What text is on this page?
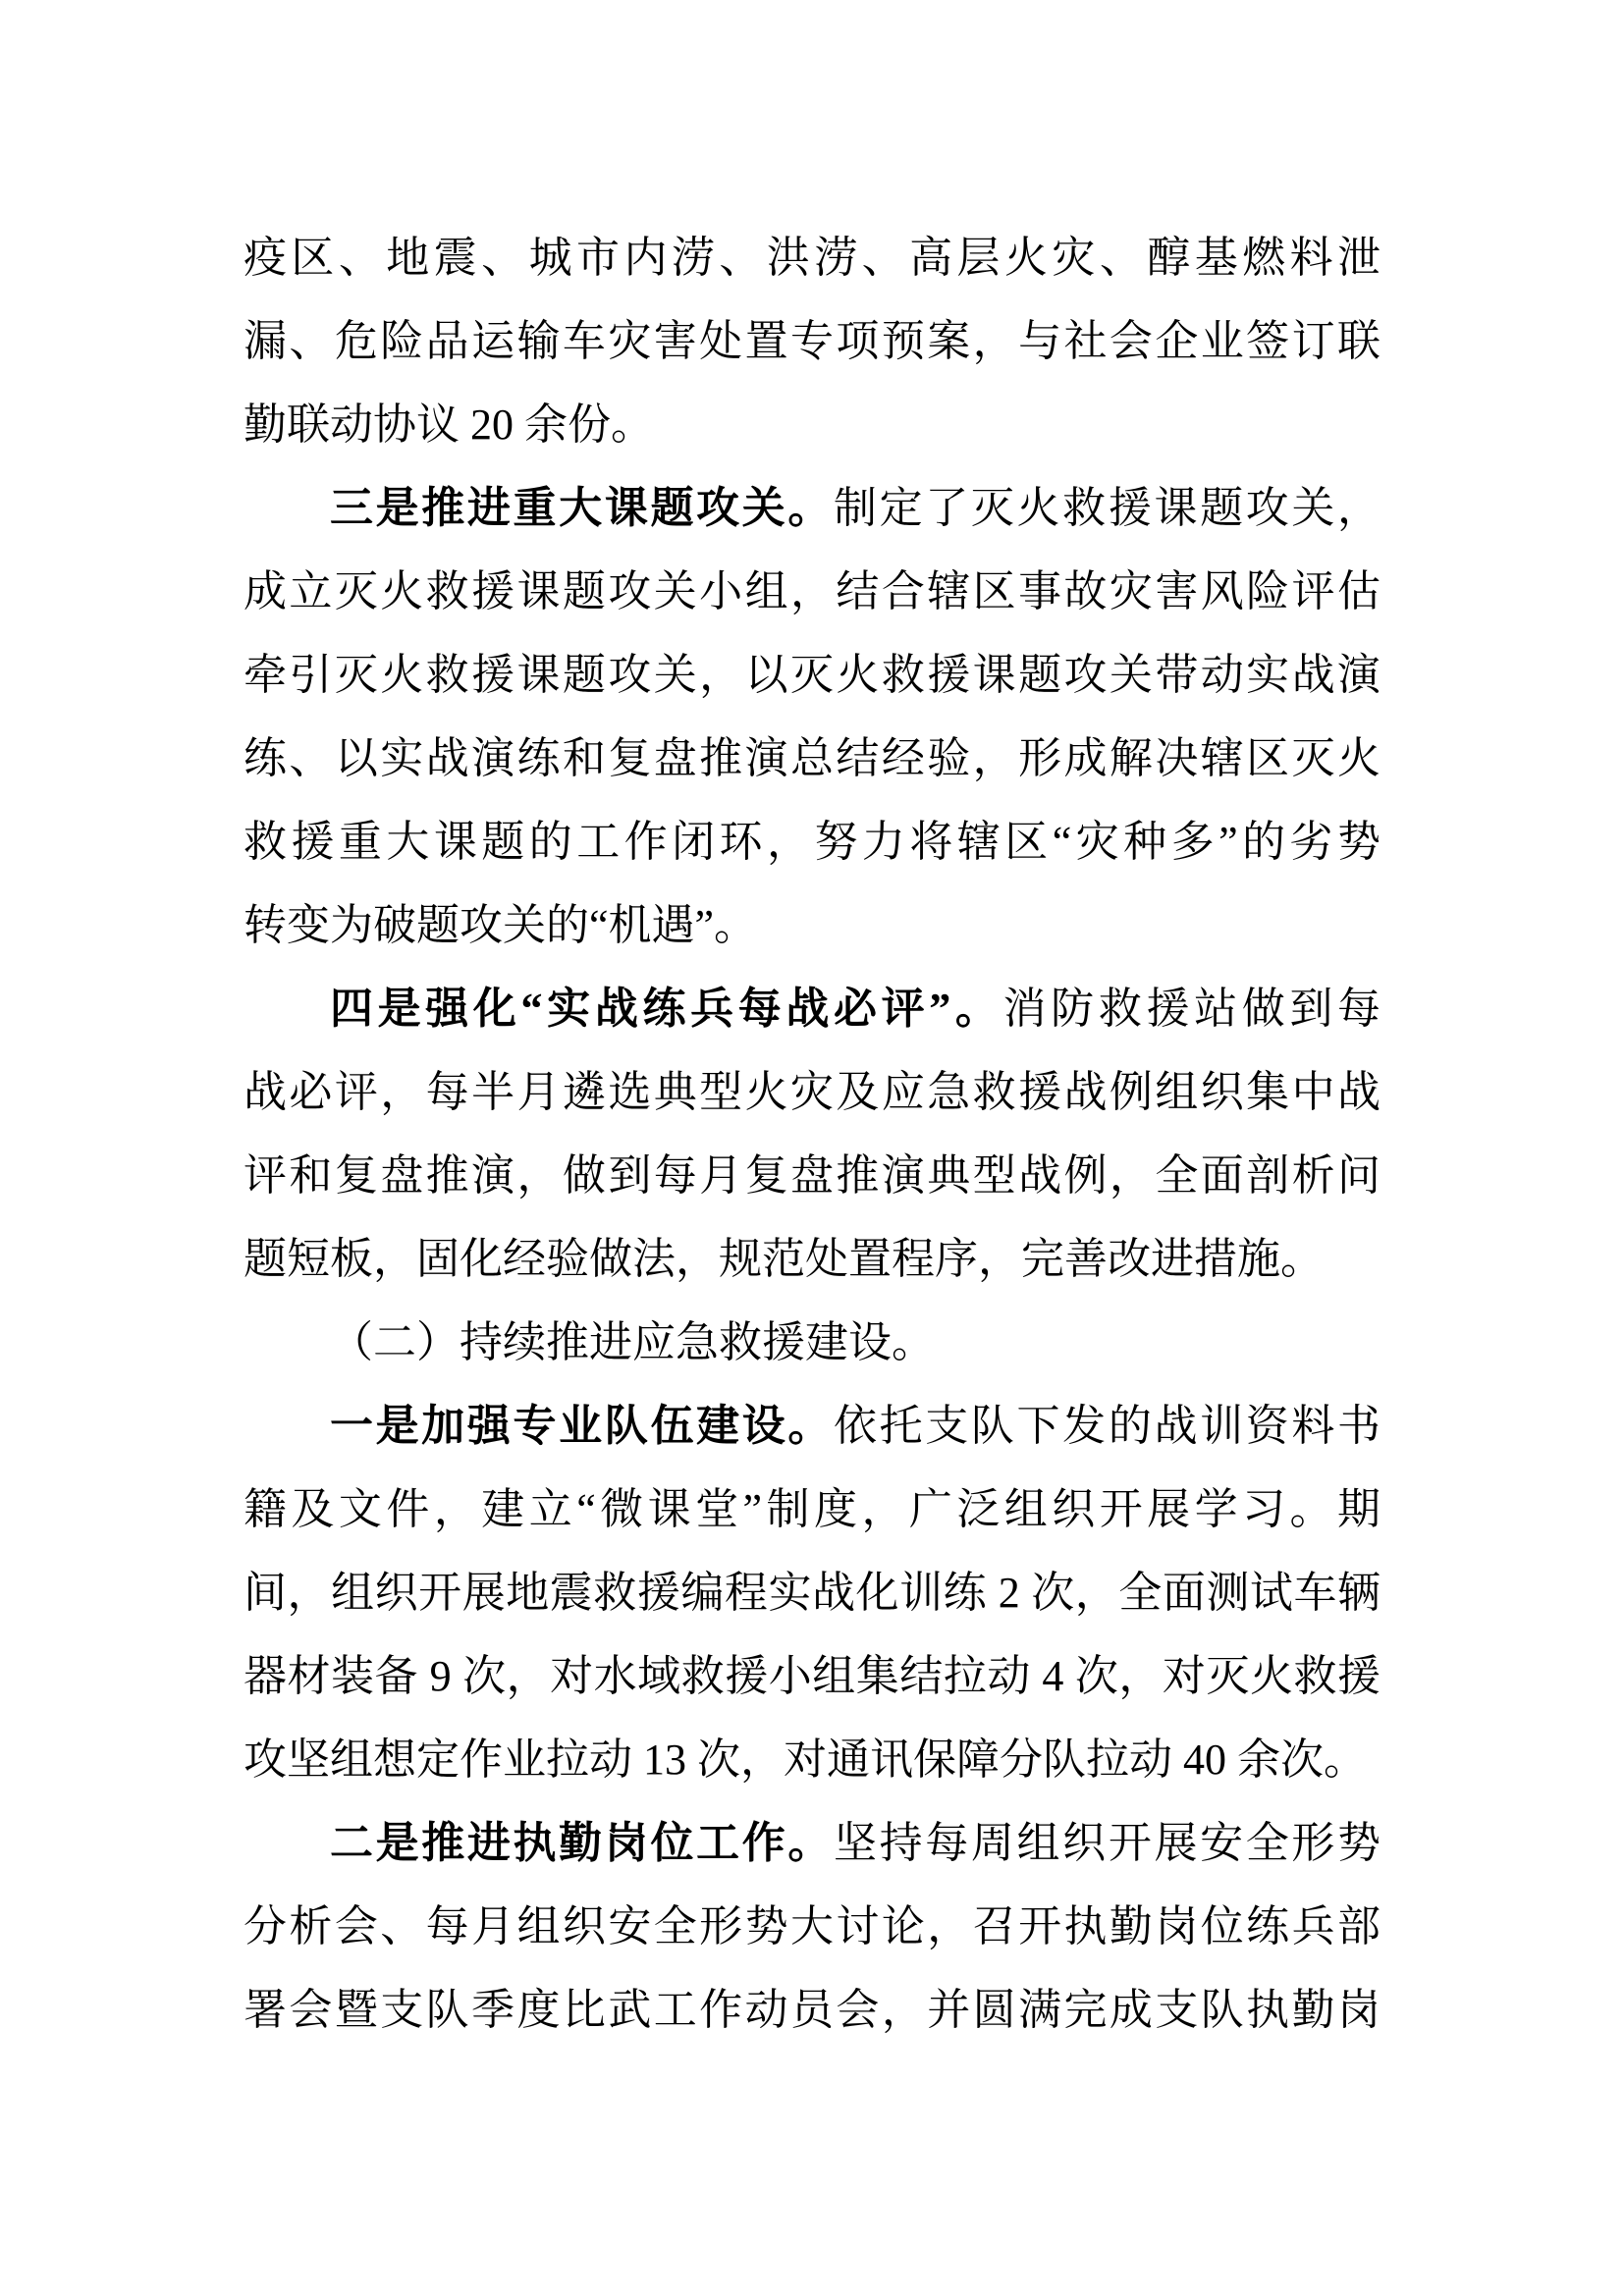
疫区、地震、城市内涝、洪涝、高层火灾、醇基燃料泄
漏、危险品运输车灾害处置专项预案，与社会企业签订联
勤联动协议 20 余份。
三是推进重大课题攻关。制定了灭火救援课题攻关，
成立灭火救援课题攻关小组，结合辖区事故灾害风险评估
牵引灭火救援课题攻关，以灭火救援课题攻关带动实战演
练、以实战演练和复盘推演总结经验，形成解决辖区灭火
救援重大课题的工作闭环，努力将辖区“灾种多”的劣势
转变为破题攻关的“机遇”。
四是强化“实战练兵每战必评”。消防救援站做到每
战必评，每半月遴选典型火灾及应急救援战例组织集中战
评和复盘推演，做到每月复盘推演典型战例，全面剖析问
题短板，固化经验做法，规范处置程序，完善改进措施。
（二）持续推进应急救援建设。
一是加强专业队伍建设。依托支队下发的战训资料书
籍及文件，建立“微课堂”制度，广泛组织开展学习。期
间，组织开展地震救援编程实战化训练 2 次，全面测试车辆
器材装备 9 次，对水域救援小组集结拉动 4 次，对灭火救援
攻坚组想定作业拉动 13 次，对通讯保障分队拉动 40 余次。
二是推进执勤岗位工作。坚持每周组织开展安全形势
分析会、每月组织安全形势大讨论，召开执勤岗位练兵部
署会暨支队季度比武工作动员会，并圆满完成支队执勤岗
